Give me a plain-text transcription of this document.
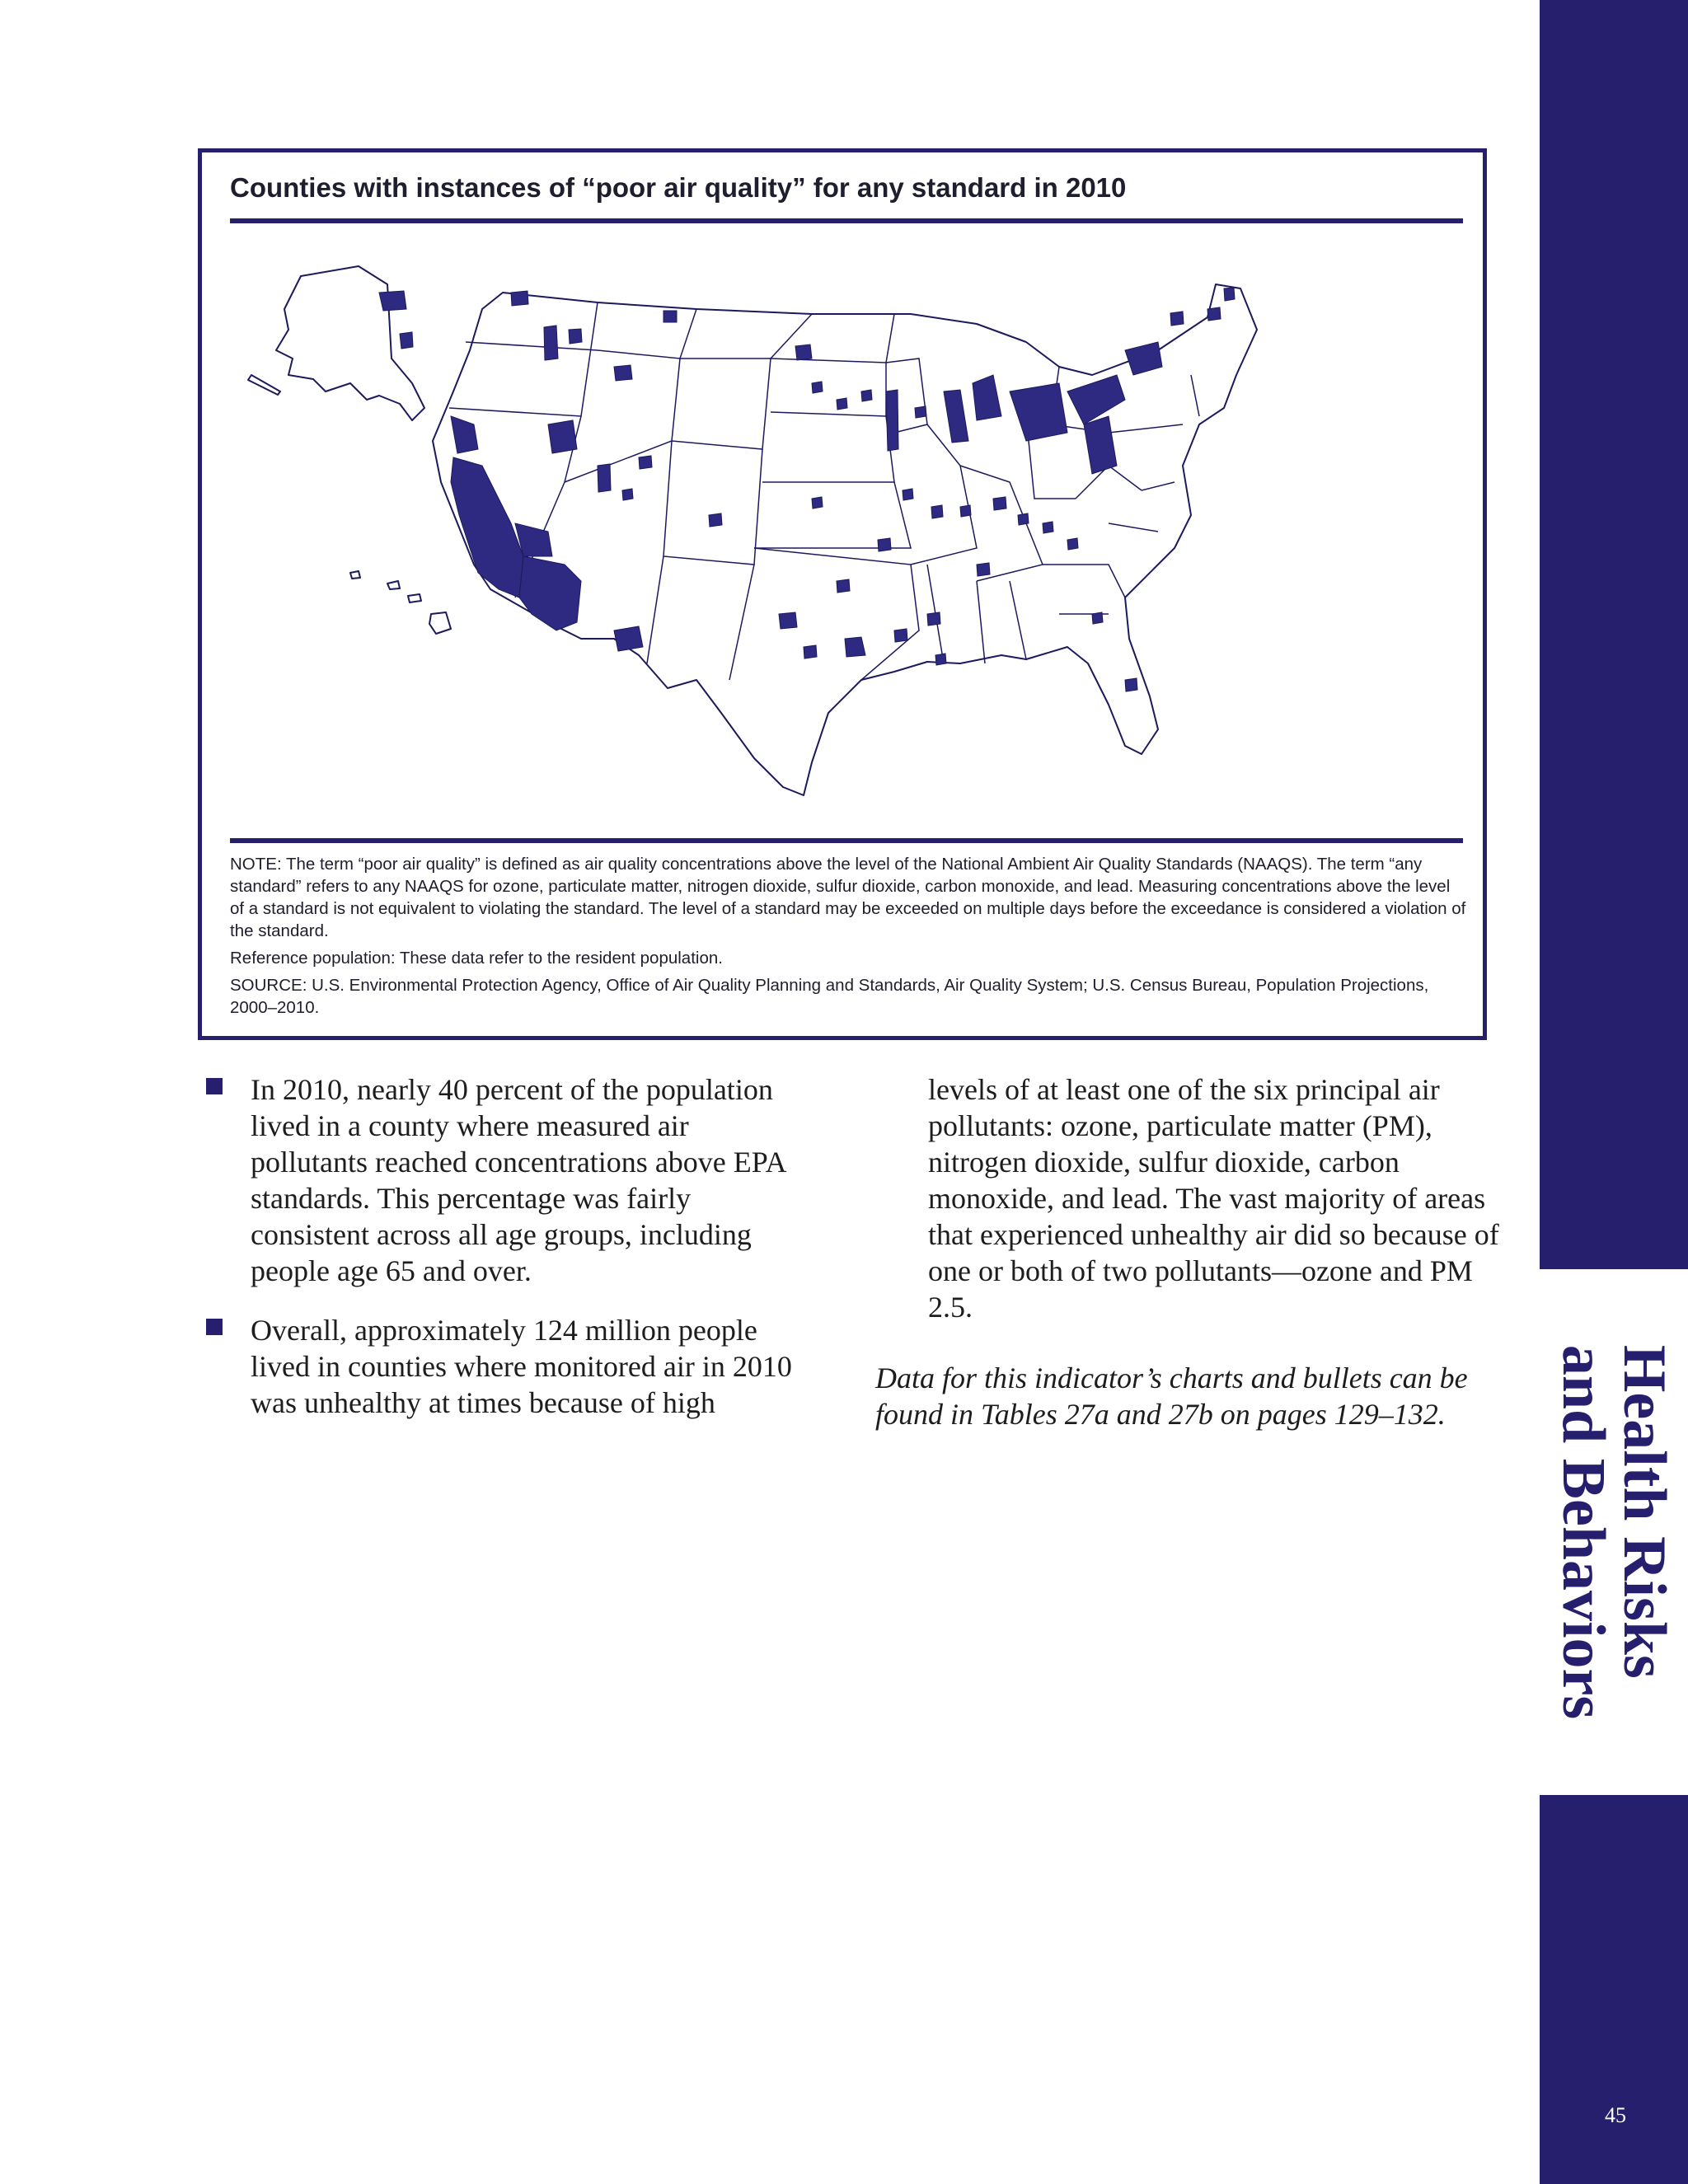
Health Risks
and Behaviors
45
Counties with instances of “poor air quality” for any standard in 2010

NOTE: The term “poor air quality” is defined as air quality concentrations above the level of the National Ambient Air Quality Standards (NAAQS). The term “any standard” refers to any NAAQS for ozone, particulate matter, nitrogen dioxide, sulfur dioxide, carbon monoxide, and lead. Measuring concentrations above the level of a standard is not equivalent to violating the standard. The level of a standard may be exceeded on multiple days before the exceedance is considered a violation of the standard.

Reference population: These data refer to the resident population.

SOURCE: U.S. Environmental Protection Agency, Office of Air Quality Planning and Standards, Air Quality System; U.S. Census Bureau, Population Projections, 2000–2010.

In 2010, nearly 40 percent of the population lived in a county where measured air pollutants reached concentrations above EPA standards. This percentage was fairly consistent across all age groups, including people age 65 and over.
Overall, approximately 124 million people lived in counties where monitored air in 2010 was unhealthy at times because of high

levels of at least one of the six principal air pollutants: ozone, particulate matter (PM), nitrogen dioxide, sulfur dioxide, carbon monoxide, and lead. The vast majority of areas that experienced unhealthy air did so because of one or both of two pollutants—ozone and PM 2.5.

Data for this indicator’s charts and bullets can be found in Tables 27a and 27b on pages 129–132.
